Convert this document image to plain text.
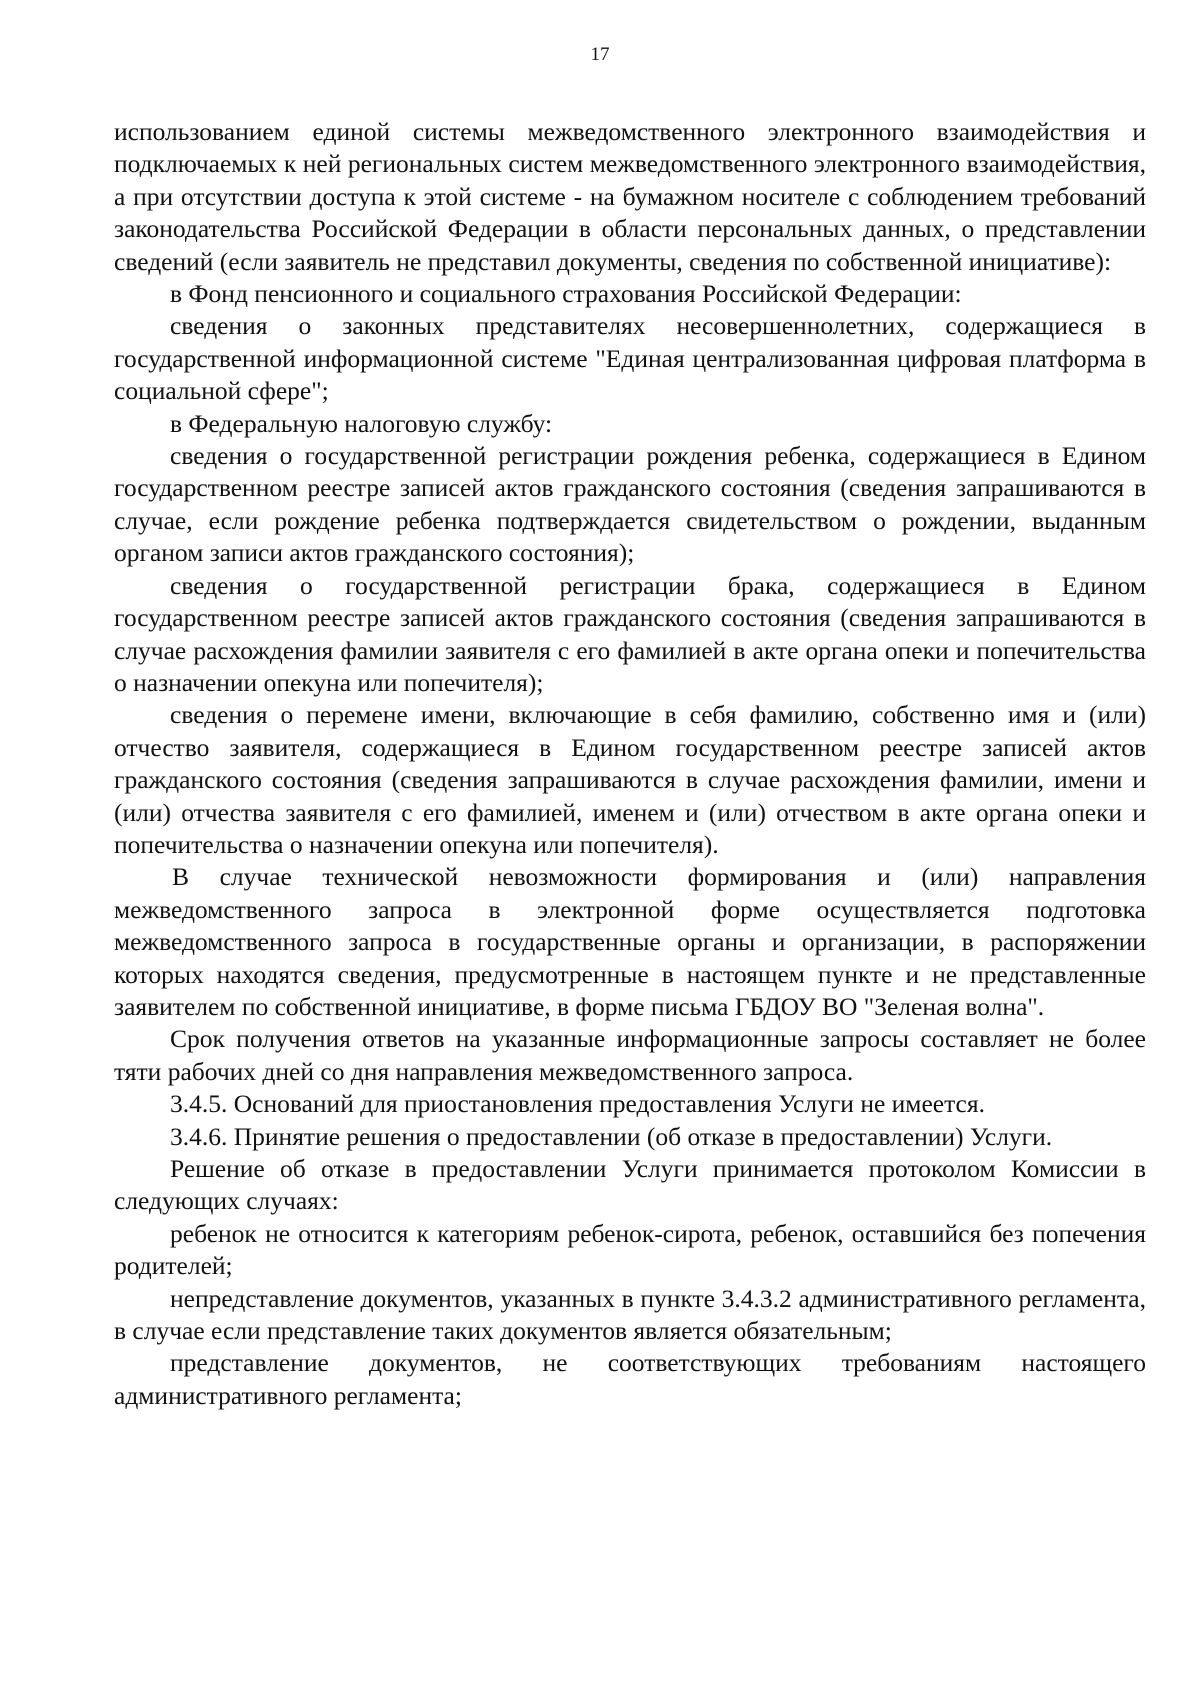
17

использованием единой системы межведомственного электронного взаимодействия и подключаемых к ней региональных систем межведомственного электронного взаимодействия, а при отсутствии доступа к этой системе - на бумажном носителе с соблюдением требований законодательства Российской Федерации в области персональных данных, о представлении сведений (если заявитель не представил документы, сведения по собственной инициативе):

в Фонд пенсионного и социального страхования Российской Федерации:

сведения о законных представителях несовершеннолетних, содержащиеся в государственной информационной системе "Единая централизованная цифровая платформа в социальной сфере";

в Федеральную налоговую службу:

сведения о государственной регистрации рождения ребенка, содержащиеся в Едином государственном реестре записей актов гражданского состояния (сведения запрашиваются в случае, если рождение ребенка подтверждается свидетельством о рождении, выданным органом записи актов гражданского состояния);

сведения о государственной регистрации брака, содержащиеся в Едином государственном реестре записей актов гражданского состояния (сведения запрашиваются в случае расхождения фамилии заявителя с его фамилией в акте органа опеки и попечительства о назначении опекуна или попечителя);

сведения о перемене имени, включающие в себя фамилию, собственно имя и (или) отчество заявителя, содержащиеся в Едином государственном реестре записей актов гражданского состояния (сведения запрашиваются в случае расхождения фамилии, имени и (или) отчества заявителя с его фамилией, именем и (или) отчеством в акте органа опеки и попечительства о назначении опекуна или попечителя).

В случае технической невозможности формирования и (или) направления межведомственного запроса в электронной форме осуществляется подготовка межведомственного запроса в государственные органы и организации, в распоряжении которых находятся сведения, предусмотренные в настоящем пункте и не представленные заявителем по собственной инициативе, в форме письма ГБДОУ ВО "Зеленая волна".

Срок получения ответов на указанные информационные запросы составляет не более тяти рабочих дней со дня направления межведомственного запроса.

3.4.5. Оснований для приостановления предоставления Услуги не имеется.

3.4.6. Принятие решения о предоставлении (об отказе в предоставлении) Услуги.

Решение об отказе в предоставлении Услуги принимается протоколом Комиссии в следующих случаях:

ребенок не относится к категориям ребенок-сирота, ребенок, оставшийся без попечения родителей;

непредставление документов, указанных в пункте 3.4.3.2 административного регламента, в случае если представление таких документов является обязательным;

представление документов, не соответствующих требованиям настоящего административного регламента;
